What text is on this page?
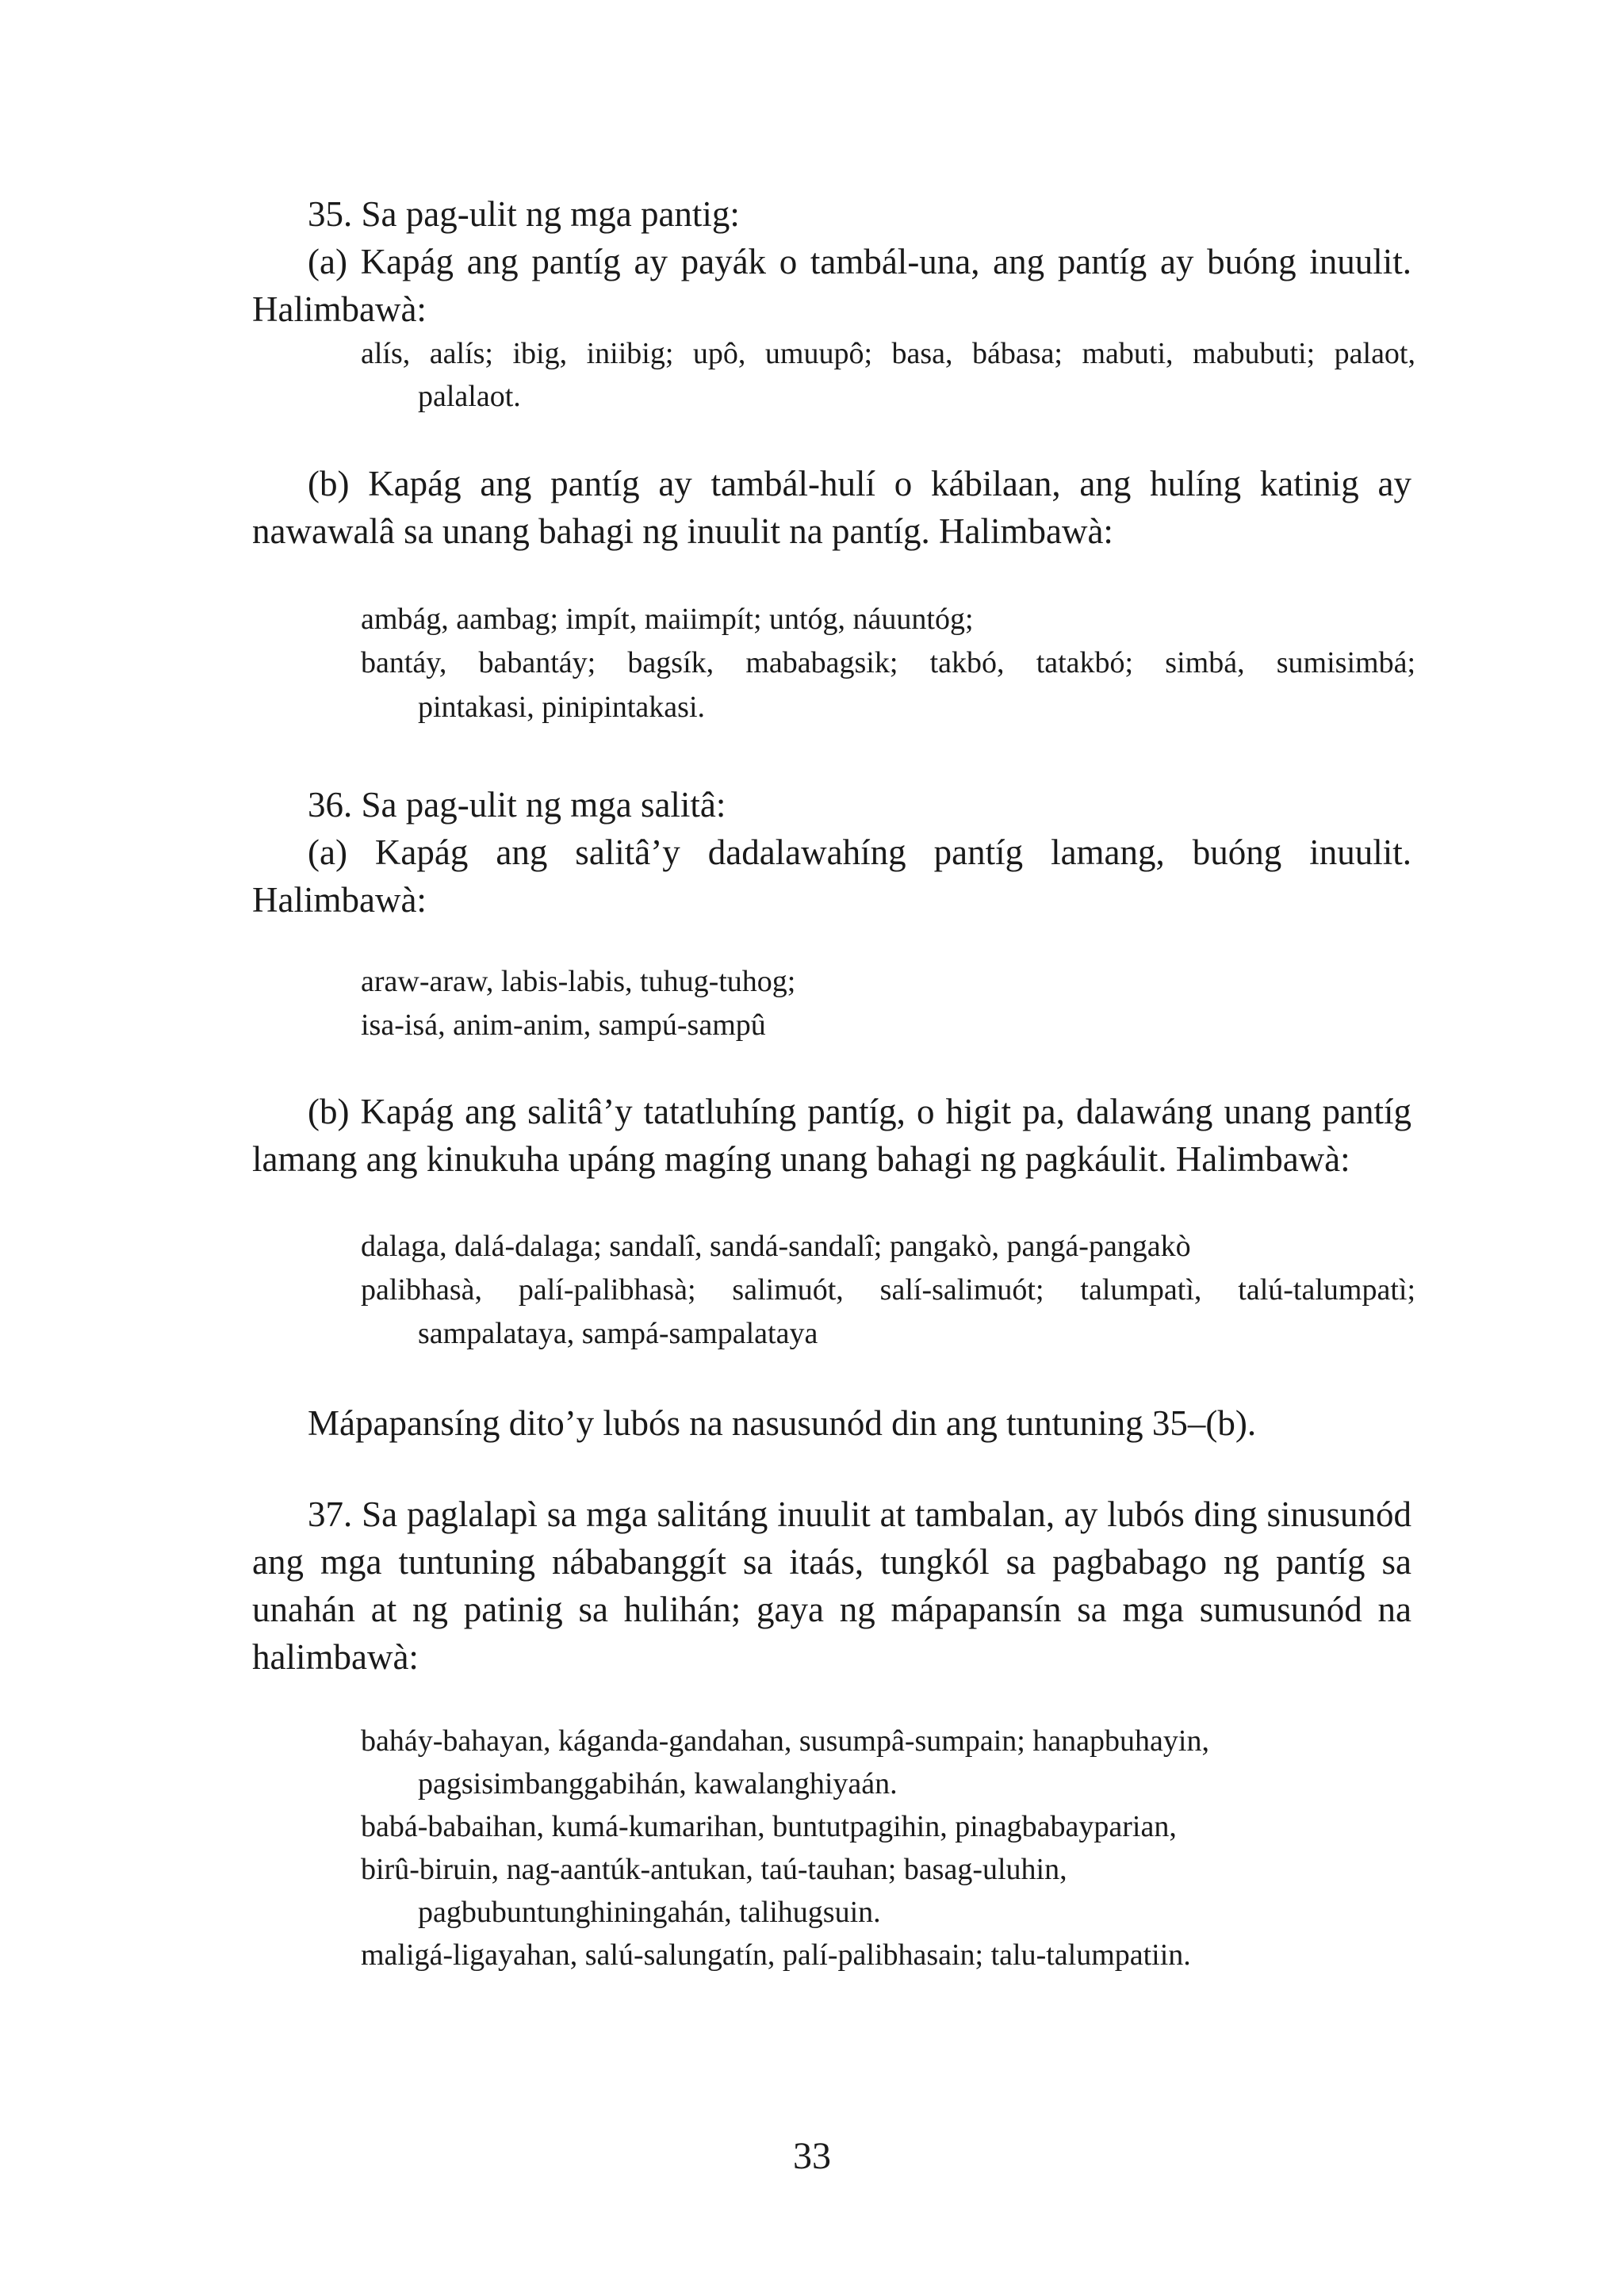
35. Sa pag-ulit ng mga pantig:
(a) Kapág ang pantíg ay payák o tambál-una, ang pantíg ay buóng inuulit.
Halimbawà:
alís, aalís; ibig, iniibig; upô, umuupô; basa, bábasa; mabuti, mabubuti; palaot,
palalaot.
(b) Kapág ang pantíg ay tambál-hulí o kábilaan, ang hulíng katinig ay
nawawalâ sa unang bahagi ng inuulit na pantíg. Halimbawà:
ambág, aambag; impít, maiimpít; untóg, náuuntóg;
bantáy, babantáy; bagsík, mababagsik; takbó, tatakbó; simbá, sumisimbá;
pintakasi, pinipintakasi.
36. Sa pag-ulit ng mga salitâ:
(a) Kapág ang salitâ’y dadalawahíng pantíg lamang, buóng inuulit.
Halimbawà:
araw-araw, labis-labis, tuhug-tuhog;
isa-isá, anim-anim, sampú-sampû
(b) Kapág ang salitâ’y tatatluhíng pantíg, o higit pa, dalawáng unang pantíg
lamang ang kinukuha upáng magíng unang bahagi ng pagkáulit. Halimbawà:
dalaga, dalá-dalaga; sandalî, sandá-sandalî; pangakò, pangá-pangakò
palibhasà, palí-palibhasà; salimuót, salí-salimuót; talumpatì, talú-talumpatì;
sampalataya, sampá-sampalataya
Mápapansíng dito’y lubós na nasusunód din ang tuntuning 35–(b).
37. Sa paglalapì sa mga salitáng inuulit at tambalan, ay lubós ding sinusunód
ang mga tuntuning nábabanggít sa itaás, tungkól sa pagbabago ng pantíg sa
unahán at ng patinig sa hulihán; gaya ng mápapansín sa mga sumusunód na
halimbawà:
baháy-bahayan, káganda-gandahan, susumpâ-sumpain; hanapbuhayin,
pagsisimbanggabihán, kawalanghiyaán.
babá-babaihan, kumá-kumarihan, buntutpagihin, pinagbabayparian,
birû-biruin, nag-aantúk-antukan, taú-tauhan; basag-uluhin,
pagbubuntunghiningahán, talihugsuin.
maligá-ligayahan, salú-salungatín, palí-palibhasain; talu-talumpatiin.
33
